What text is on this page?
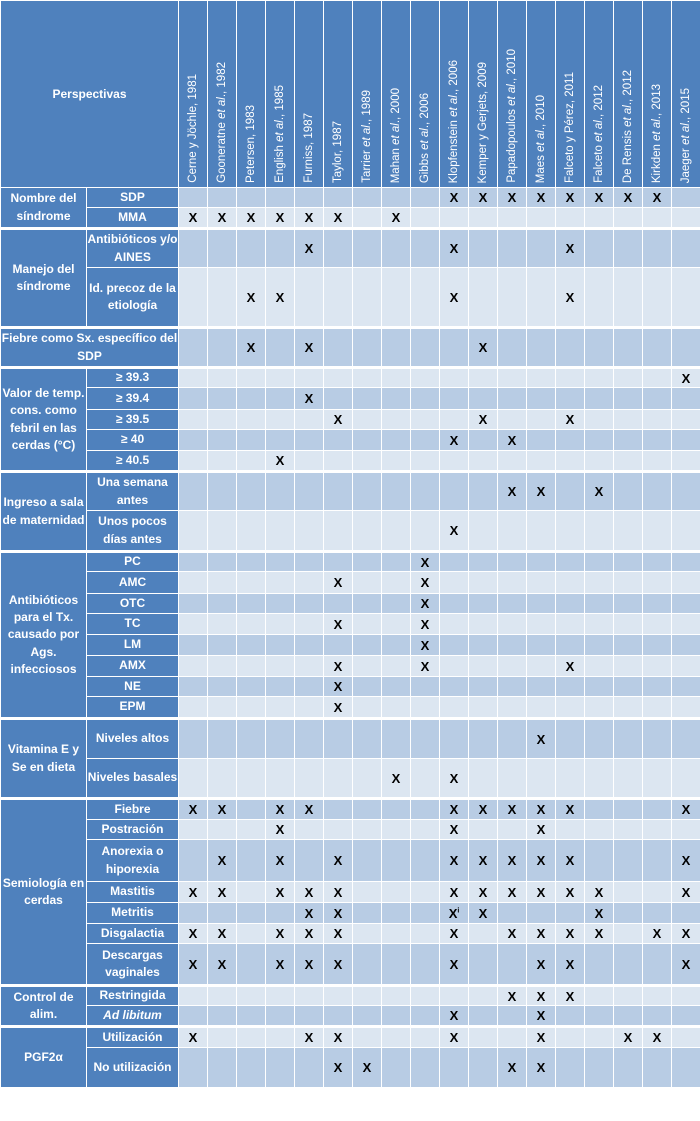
Perspectivas		Cerne y Jöchle, 1981	Gooneratne et al., 1982	Petersen, 1983	English et al., 1985	Furniss, 1987	Taylor, 1987	Tarrier et al., 1989	Mahan et al., 2000	Gibbs et al., 2006	Klopfenstein et al., 2006	Kemper y Gerjets, 2009	Papadopoulos et al., 2010	Maes et al., 2010	Falceto y Pérez, 2011	Falceto et al., 2012	De Rensis et al., 2012	Kirkden et al., 2013	Jaeger et al., 2015

Nombre del síndrome	SDP										X	X	X	X	X	X	X	X	
	MMA	X	X	X	X	X	X		X										
Manejo del síndrome	Antibióticos y/o AINES					X					X				X				
	Id. precoz de la etiología			X	X						X				X				
Fiebre como Sx. específico del SDP				X		X						X							
Valor de temp. cons. como febril en las cerdas (°C)	≥ 39.3																		X
	≥ 39.4					X													
	≥ 39.5						X					X			X				
	≥ 40										X		X						
	≥ 40.5				X														
Ingreso a sala de maternidad	Una semana antes												X	X		X			
	Unos pocos días antes										X								
Antibióticos para el Tx. causado por Ags. infecciosos	PC									X									
	AMC						X			X									
	OTC									X									
	TC						X			X									
	LM									X									
	AMX						X			X					X				
	NE						X												
	EPM						X												
Vitamina E y Se en dieta	Niveles altos													X					
	Niveles basales								X		X								
Semiología en cerdas	Fiebre	X	X		X	X					X	X	X	X	X				X
	Postración				X						X			X					
	Anorexia o hiporexia		X		X		X				X	X	X	X	X				X
	Mastitis	X	X		X	X	X				X	X	X	X	X	X			X
	Metritis					X	X				$X^i$	X				X			
	Disgalactia	X	X		X	X	X				X		X	X	X	X		X	X
	Descargas vaginales	X	X		X	X	X				X			X	X				X
Control de alim.	Restringida												X	X	X				
	Ad libitum										X			X					
PGF2α	Utilización	X				X	X				X			X			X	X	
	No utilización						X	X					X	X					
